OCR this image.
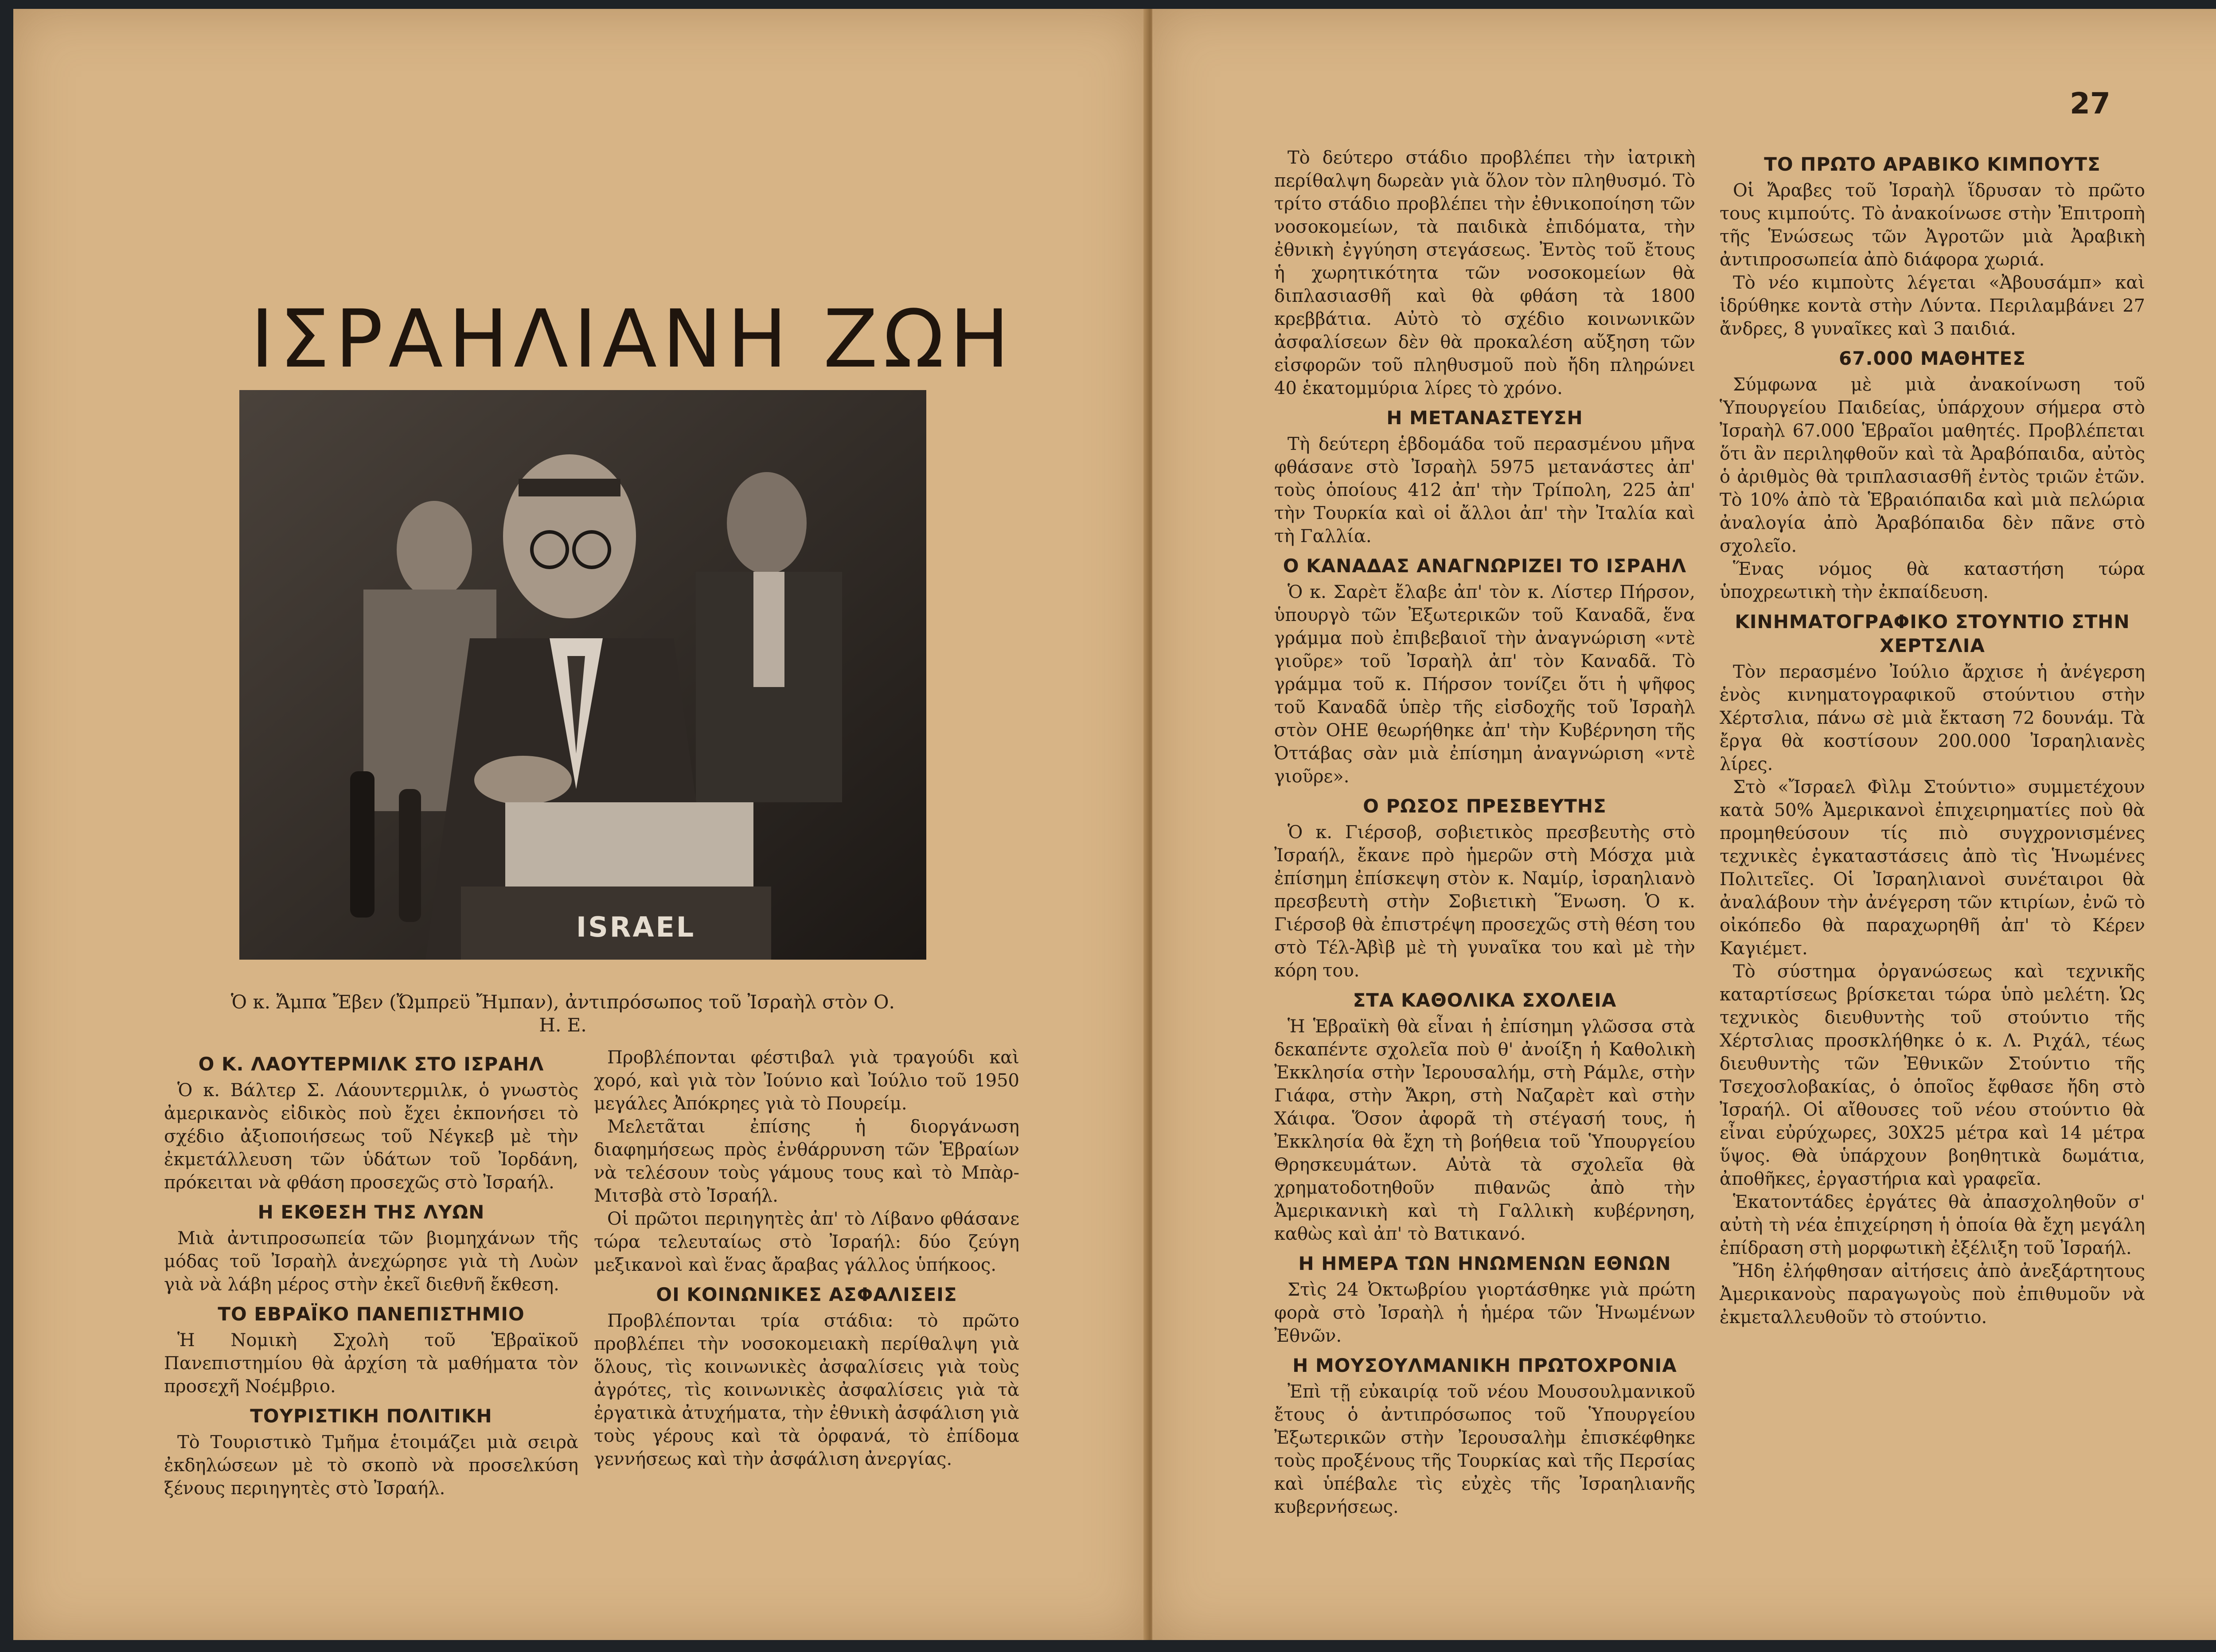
ΙΣΡΑΗΛΙΑΝΗ ΖΩΗ
ISRAEL
Ὁ κ. Ἄμπα Ἔβεν (Ὤμπρεϋ Ἤμπαν), ἀντιπρόσωπος τοῦ Ἰσραὴλ στὸν Ο. Η. Ε.
Ο Κ. ΛΑΟΥΤΕΡΜΙΛΚ ΣΤΟ ΙΣΡΑΗΛ

Ὁ κ. Βάλτερ Σ. Λάουντερμιλκ, ὁ γνωστὸς ἀμερικανὸς εἰδικὸς ποὺ ἔχει ἐκπονήσει τὸ σχέδιο ἀξιοποιήσεως τοῦ Νέγκεβ μὲ τὴν ἐκμετάλλευση τῶν ὑδάτων τοῦ Ἰορδάνη, πρόκειται νὰ φθάση προσεχῶς στὸ Ἰσραήλ.

Η ΕΚΘΕΣΗ ΤΗΣ ΛΥΩΝ

Μιὰ ἀντιπροσωπεία τῶν βιομηχάνων τῆς μόδας τοῦ Ἰσραὴλ ἀνεχώρησε γιὰ τὴ Λυὼν γιὰ νὰ λάβη μέρος στὴν ἐκεῖ διεθνῆ ἔκθεση.

ΤΟ ΕΒΡΑΪΚΟ ΠΑΝΕΠΙΣΤΗΜΙΟ

Ἡ Νομικὴ Σχολὴ τοῦ Ἑβραϊκοῦ Πανεπιστημίου θὰ ἀρχίση τὰ μαθήματα τὸν προσεχῆ Νοέμβριο.

ΤΟΥΡΙΣΤΙΚΗ ΠΟΛΙΤΙΚΗ

Τὸ Τουριστικὸ Τμῆμα ἑτοιμάζει μιὰ σειρὰ ἐκδηλώσεων μὲ τὸ σκοπὸ νὰ προσελκύση ξένους περιηγητὲς στὸ Ἰσραήλ.

Προβλέπονται φέστιβαλ γιὰ τραγούδι καὶ χορό, καὶ γιὰ τὸν Ἰούνιο καὶ Ἰούλιο τοῦ 1950 μεγάλες Ἀπόκρηες γιὰ τὸ Πουρείμ.

Μελετᾶται ἐπίσης ἡ διοργάνωση διαφημήσεως πρὸς ἐνθάρρυνση τῶν Ἑβραίων νὰ τελέσουν τοὺς γάμους τους καὶ τὸ Μπὰρ-Μιτσβὰ στὸ Ἰσραήλ.

Οἱ πρῶτοι περιηγητὲς ἀπ' τὸ Λίβανο φθάσανε τώρα τελευταίως στὸ Ἰσραήλ: δύο ζεύγη μεξικανοὶ καὶ ἕνας ἄραβας γάλλος ὑπήκοος.

ΟΙ ΚΟΙΝΩΝΙΚΕΣ ΑΣΦΑΛΙΣΕΙΣ

Προβλέπονται τρία στάδια: τὸ πρῶτο προβλέπει τὴν νοσοκομειακὴ περίθαλψη γιὰ ὅλους, τὶς κοινωνικὲς ἀσφαλίσεις γιὰ τοὺς ἀγρότες, τὶς κοινωνικὲς ἀσφαλίσεις γιὰ τὰ ἐργατικὰ ἀτυχήματα, τὴν ἐθνικὴ ἀσφάλιση γιὰ τοὺς γέρους καὶ τὰ ὀρφανά, τὸ ἐπίδομα γεννήσεως καὶ τὴν ἀσφάλιση ἀνεργίας.

27

Τὸ δεύτερο στάδιο προβλέπει τὴν ἰατρικὴ περίθαλψη δωρεὰν γιὰ ὅλον τὸν πληθυσμό. Τὸ τρίτο στάδιο προβλέπει τὴν ἐθνικοποίηση τῶν νοσοκομείων, τὰ παιδικὰ ἐπιδόματα, τὴν ἐθνικὴ ἐγγύηση στεγάσεως. Ἐντὸς τοῦ ἔτους ἡ χωρητικότητα τῶν νοσοκομείων θὰ διπλασιασθῆ καὶ θὰ φθάση τὰ 1800 κρεββάτια. Αὐτὸ τὸ σχέδιο κοινωνικῶν ἀσφαλίσεων δὲν θὰ προκαλέση αὔξηση τῶν εἰσφορῶν τοῦ πληθυσμοῦ ποὺ ἤδη πληρώνει 40 ἑκατομμύρια λίρες τὸ χρόνο.

Η ΜΕΤΑΝΑΣΤΕΥΣΗ

Τὴ δεύτερη ἑβδομάδα τοῦ περασμένου μῆνα φθάσανε στὸ Ἰσραὴλ 5975 μετανάστες ἀπ' τοὺς ὁποίους 412 ἀπ' τὴν Τρίπολη, 225 ἀπ' τὴν Τουρκία καὶ οἱ ἄλλοι ἀπ' τὴν Ἰταλία καὶ τὴ Γαλλία.

Ο ΚΑΝΑΔΑΣ ΑΝΑΓΝΩΡΙΖΕΙ ΤΟ ΙΣΡΑΗΛ

Ὁ κ. Σαρὲτ ἔλαβε ἀπ' τὸν κ. Λίστερ Πήρσον, ὑπουργὸ τῶν Ἐξωτερικῶν τοῦ Καναδᾶ, ἕνα γράμμα ποὺ ἐπιβεβαιοῖ τὴν ἀναγνώριση «ντὲ γιοῦρε» τοῦ Ἰσραὴλ ἀπ' τὸν Καναδᾶ. Τὸ γράμμα τοῦ κ. Πήρσον τονίζει ὅτι ἡ ψῆφος τοῦ Καναδᾶ ὑπὲρ τῆς εἰσδοχῆς τοῦ Ἰσραὴλ στὸν ΟΗΕ θεωρήθηκε ἀπ' τὴν Κυβέρνηση τῆς Ὀττάβας σὰν μιὰ ἐπίσημη ἀναγνώριση «ντὲ γιοῦρε».

Ο ΡΩΣΟΣ ΠΡΕΣΒΕΥΤΗΣ

Ὁ κ. Γιέρσοβ, σοβιετικὸς πρεσβευτὴς στὸ Ἰσραήλ, ἔκανε πρὸ ἡμερῶν στὴ Μόσχα μιὰ ἐπίσημη ἐπίσκεψη στὸν κ. Ναμίρ, ἰσραηλιανὸ πρεσβευτὴ στὴν Σοβιετικὴ Ἕνωση. Ὁ κ. Γιέρσοβ θὰ ἐπιστρέψη προσεχῶς στὴ θέση του στὸ Τέλ-Ἀβὶβ μὲ τὴ γυναῖκα του καὶ μὲ τὴν κόρη του.

ΣΤΑ ΚΑΘΟΛΙΚΑ ΣΧΟΛΕΙΑ

Ἡ Ἑβραϊκὴ θὰ εἶναι ἡ ἐπίσημη γλῶσσα στὰ δεκαπέντε σχολεῖα ποὺ θ' ἀνοίξη ἡ Καθολικὴ Ἐκκλησία στὴν Ἰερουσαλήμ, στὴ Ράμλε, στὴν Γιάφα, στὴν Ἄκρη, στὴ Ναζαρὲτ καὶ στὴν Χάιφα. Ὅσον ἀφορᾶ τὴ στέγασή τους, ἡ Ἐκκλησία θὰ ἔχη τὴ βοήθεια τοῦ Ὑπουργείου Θρησκευμάτων. Αὐτὰ τὰ σχολεῖα θὰ χρηματοδοτηθοῦν πιθανῶς ἀπὸ τὴν Ἀμερικανικὴ καὶ τὴ Γαλλικὴ κυβέρνηση, καθὼς καὶ ἀπ' τὸ Βατικανό.

Η ΗΜΕΡΑ ΤΩΝ ΗΝΩΜΕΝΩΝ ΕΘΝΩΝ

Στὶς 24 Ὀκτωβρίου γιορτάσθηκε γιὰ πρώτη φορὰ στὸ Ἰσραὴλ ἡ ἡμέρα τῶν Ἡνωμένων Ἐθνῶν.

Η ΜΟΥΣΟΥΛΜΑΝΙΚΗ ΠΡΩΤΟΧΡΟΝΙΑ

Ἐπὶ τῇ εὐκαιρίᾳ τοῦ νέου Μουσουλμανικοῦ ἔτους ὁ ἀντιπρόσωπος τοῦ Ὑπουργείου Ἐξωτερικῶν στὴν Ἰερουσαλὴμ ἐπισκέφθηκε τοὺς προξένους τῆς Τουρκίας καὶ τῆς Περσίας καὶ ὑπέβαλε τὶς εὐχὲς τῆς Ἰσραηλιανῆς κυβερνήσεως.

ΤΟ ΠΡΩΤΟ ΑΡΑΒΙΚΟ ΚΙΜΠΟΥΤΣ

Οἱ Ἄραβες τοῦ Ἰσραὴλ ἵδρυσαν τὸ πρῶτο τους κιμπούτς. Τὸ ἀνακοίνωσε στὴν Ἐπιτροπὴ τῆς Ἑνώσεως τῶν Ἀγροτῶν μιὰ Ἀραβικὴ ἀντιπροσωπεία ἀπὸ διάφορα χωριά.

Τὸ νέο κιμποὺτς λέγεται «Ἀβουσάμπ» καὶ ἱδρύθηκε κοντὰ στὴν Λύντα. Περιλαμβάνει 27 ἄνδρες, 8 γυναῖκες καὶ 3 παιδιά.

67.000 ΜΑΘΗΤΕΣ

Σύμφωνα μὲ μιὰ ἀνακοίνωση τοῦ Ὑπουργείου Παιδείας, ὑπάρχουν σήμερα στὸ Ἰσραὴλ 67.000 Ἑβραῖοι μαθητές. Προβλέπεται ὅτι ἂν περιληφθοῦν καὶ τὰ Ἀραβόπαιδα, αὐτὸς ὁ ἀριθμὸς θὰ τριπλασιασθῆ ἐντὸς τριῶν ἐτῶν. Τὸ 10% ἀπὸ τὰ Ἑβραιόπαιδα καὶ μιὰ πελώρια ἀναλογία ἀπὸ Ἀραβόπαιδα δὲν πᾶνε στὸ σχολεῖο.

Ἕνας νόμος θὰ καταστήση τώρα ὑποχρεωτικὴ τὴν ἐκπαίδευση.

ΚΙΝΗΜΑΤΟΓΡΑΦΙΚΟ ΣΤΟΥΝΤΙΟ ΣΤΗΝ ΧΕΡΤΣΛΙΑ

Τὸν περασμένο Ἰούλιο ἄρχισε ἡ ἀνέγερση ἑνὸς κινηματογραφικοῦ στούντιου στὴν Χέρτσλια, πάνω σὲ μιὰ ἔκταση 72 δουνάμ. Τὰ ἔργα θὰ κοστίσουν 200.000 Ἰσραηλιανὲς λίρες.

Στὸ «Ἴσραελ Φὶλμ Στούντιο» συμμετέχουν κατὰ 50% Ἀμερικανοὶ ἐπιχειρηματίες ποὺ θὰ προμηθεύσουν τίς πιὸ συγχρονισμένες τεχνικὲς ἐγκαταστάσεις ἀπὸ τὶς Ἡνωμένες Πολιτεῖες. Οἱ Ἰσραηλιανοὶ συνέταιροι θὰ ἀναλάβουν τὴν ἀνέγερση τῶν κτιρίων, ἐνῶ τὸ οἰκόπεδο θὰ παραχωρηθῆ ἀπ' τὸ Κέρεν Καγιέμετ.

Τὸ σύστημα ὀργανώσεως καὶ τεχνικῆς καταρτίσεως βρίσκεται τώρα ὑπὸ μελέτη. Ὡς τεχνικὸς διευθυντὴς τοῦ στούντιο τῆς Χέρτσλιας προσκλήθηκε ὁ κ. Λ. Ριχάλ, τέως διευθυντὴς τῶν Ἐθνικῶν Στούντιο τῆς Τσεχοσλοβακίας, ὁ ὁποῖος ἔφθασε ἤδη στὸ Ἰσραήλ. Οἱ αἴθουσες τοῦ νέου στούντιο θὰ εἶναι εὐρύχωρες, 30Χ25 μέτρα καὶ 14 μέτρα ὕψος. Θὰ ὑπάρχουν βοηθητικὰ δωμάτια, ἀποθῆκες, ἐργαστήρια καὶ γραφεῖα.

Ἑκατοντάδες ἐργάτες θὰ ἀπασχοληθοῦν σ' αὐτὴ τὴ νέα ἐπιχείρηση ἡ ὁποία θὰ ἔχη μεγάλη ἐπίδραση στὴ μορφωτικὴ ἐξέλιξη τοῦ Ἰσραήλ.

Ἤδη ἐλήφθησαν αἰτήσεις ἀπὸ ἀνεξάρτητους Ἀμερικανοὺς παραγωγοὺς ποὺ ἐπιθυμοῦν νὰ ἐκμεταλλευθοῦν τὸ στούντιο.
